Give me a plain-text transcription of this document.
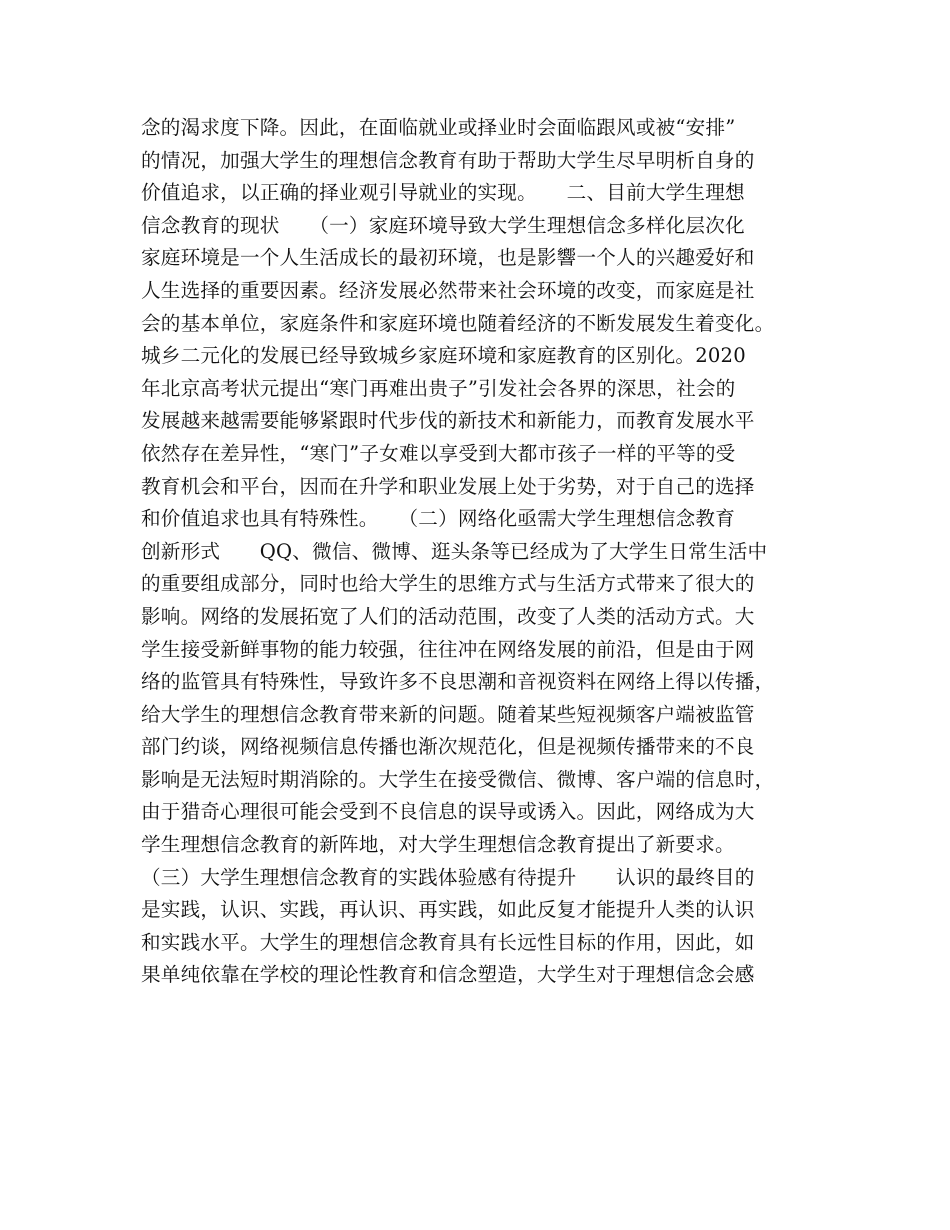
念的渴求度下降。因此，在面临就业或择业时会面临跟风或被“安排”
的情况，加强大学生的理想信念教育有助于帮助大学生尽早明析自身的
价值追求，以正确的择业观引导就业的实现。　　二、目前大学生理想
信念教育的现状　　（一）家庭环境导致大学生理想信念多样化层次化
家庭环境是一个人生活成长的最初环境，也是影響一个人的兴趣爱好和
人生选择的重要因素。经济发展必然带来社会环境的改变，而家庭是社
会的基本单位，家庭条件和家庭环境也随着经济的不断发展发生着变化。
城乡二元化的发展已经导致城乡家庭环境和家庭教育的区别化。2020
年北京高考状元提出“寒门再难出贵子”引发社会各界的深思，社会的
发展越来越需要能够紧跟时代步伐的新技术和新能力，而教育发展水平
依然存在差异性，“寒门”子女难以享受到大都市孩子一样的平等的受
教育机会和平台，因而在升学和职业发展上处于劣势，对于自己的选择
和价值追求也具有特殊性。　　（二）网络化亟需大学生理想信念教育
创新形式　　QQ、微信、微博、逛头条等已经成为了大学生日常生活中
的重要组成部分，同时也给大学生的思维方式与生活方式带来了很大的
影响。网络的发展拓宽了人们的活动范围，改变了人类的活动方式。大
学生接受新鲜事物的能力较强，往往冲在网络发展的前沿，但是由于网
络的监管具有特殊性，导致许多不良思潮和音视资料在网络上得以传播，
给大学生的理想信念教育带来新的问题。随着某些短视频客户端被监管
部门约谈，网络视频信息传播也渐次规范化，但是视频传播带来的不良
影响是无法短时期消除的。大学生在接受微信、微博、客户端的信息时，
由于猎奇心理很可能会受到不良信息的误导或诱入。因此，网络成为大
学生理想信念教育的新阵地，对大学生理想信念教育提出了新要求。
（三）大学生理想信念教育的实践体验感有待提升　　认识的最终目的
是实践，认识、实践，再认识、再实践，如此反复才能提升人类的认识
和实践水平。大学生的理想信念教育具有长远性目标的作用，因此，如
果单纯依靠在学校的理论性教育和信念塑造，大学生对于理想信念会感
